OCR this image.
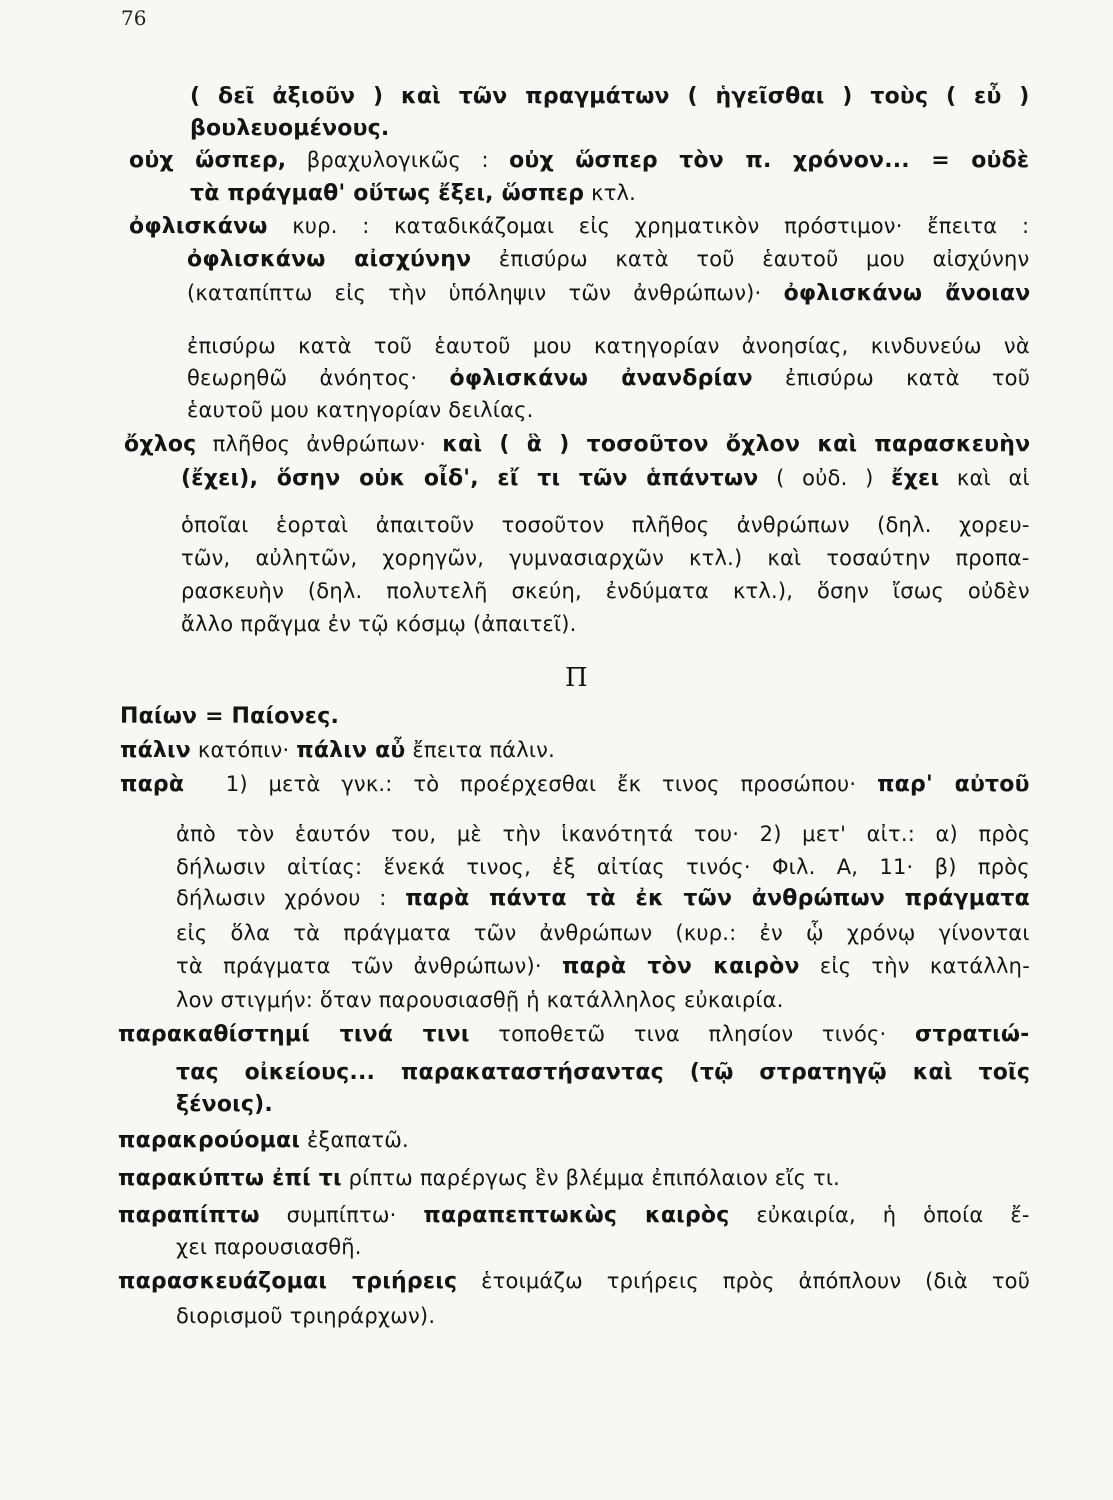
76
Π
( δεῖ ἀξιοῦν ) καὶ τῶν πραγμάτων ( ἡγεῖσθαι ) τοὺς ( εὖ )
βουλευομένους.
οὐχ ὥσπερ, βραχυλογικῶς : οὐχ ὥσπερ τὸν π. χρόνον... = οὐδὲ
τὰ πράγμαθ' οὕτως ἔξει, ὥσπερ κτλ.
ὀφλισκάνω κυρ. : καταδικάζομαι εἰς χρηματικὸν πρόστιμον· ἔπειτα :
ὀφλισκάνω αἰσχύνην ἐπισύρω κατὰ τοῦ ἑαυτοῦ μου αἰσχύνην
(καταπίπτω εἰς τὴν ὑπόληψιν τῶν ἀνθρώπων)· ὀφλισκάνω ἄνοιαν
ἐπισύρω κατὰ τοῦ ἑαυτοῦ μου κατηγορίαν ἀνοησίας, κινδυνεύω νὰ
θεωρηθῶ ἀνόητος· ὀφλισκάνω ἀνανδρίαν ἐπισύρω κατὰ τοῦ
ἑαυτοῦ μου κατηγορίαν δειλίας.
ὄχλος πλῆθος ἀνθρώπων· καὶ ( ἃ ) τοσοῦτον ὄχλον καὶ παρασκευὴν
(ἔχει), ὅσην οὐκ οἶδ', εἴ τι τῶν ἁπάντων ( οὐδ. ) ἔχει καὶ αἱ
ὁποῖαι ἑορταὶ ἀπαιτοῦν τοσοῦτον πλῆθος ἀνθρώπων (δηλ. χορευ-
τῶν, αὐλητῶν, χορηγῶν, γυμνασιαρχῶν κτλ.) καὶ τοσαύτην προπα-
ρασκευὴν (δηλ. πολυτελῆ σκεύη, ἐνδύματα κτλ.), ὅσην ἴσως οὐδὲν
ἄλλο πρᾶγμα ἐν τῷ κόσμῳ (ἀπαιτεῖ).
Παίων = Παίονες.
πάλιν κατόπιν· πάλιν αὖ ἔπειτα πάλιν.
παρὰ  1) μετὰ γνκ.: τὸ προέρχεσθαι ἔκ τινος προσώπου· παρ' αὐτοῦ
ἀπὸ τὸν ἑαυτόν του, μὲ τὴν ἱκανότητά του· 2) μετ' αἰτ.: α) πρὸς
δήλωσιν αἰτίας: ἕνεκά τινος, ἐξ αἰτίας τινός· Φιλ. Α, 11· β) πρὸς
δήλωσιν χρόνου : παρὰ πάντα τὰ ἐκ τῶν ἀνθρώπων πράγματα
εἰς ὅλα τὰ πράγματα τῶν ἀνθρώπων (κυρ.: ἐν ᾧ χρόνῳ γίνονται
τὰ πράγματα τῶν ἀνθρώπων)· παρὰ τὸν καιρὸν εἰς τὴν κατάλλη-
λον στιγμήν: ὅταν παρουσιασθῇ ἡ κατάλληλος εὐκαιρία.
παρακαθίστημί τινά τινι τοποθετῶ τινα πλησίον τινός· στρατιώ-
τας οἰκείους... παρακαταστήσαντας (τῷ στρατηγῷ καὶ τοῖς
ξένοις).
παρακρούομαι ἐξαπατῶ.
παρακύπτω ἐπί τι ρίπτω παρέργως ἓν βλέμμα ἐπιπόλαιον εἴς τι.
παραπίπτω συμπίπτω· παραπεπτωκὼς καιρὸς εὐκαιρία, ἡ ὁποία ἔ-
χει παρουσιασθῆ.
παρασκευάζομαι τριήρεις ἑτοιμάζω τριήρεις πρὸς ἀπόπλουν (διὰ τοῦ
διορισμοῦ τριηράρχων).
